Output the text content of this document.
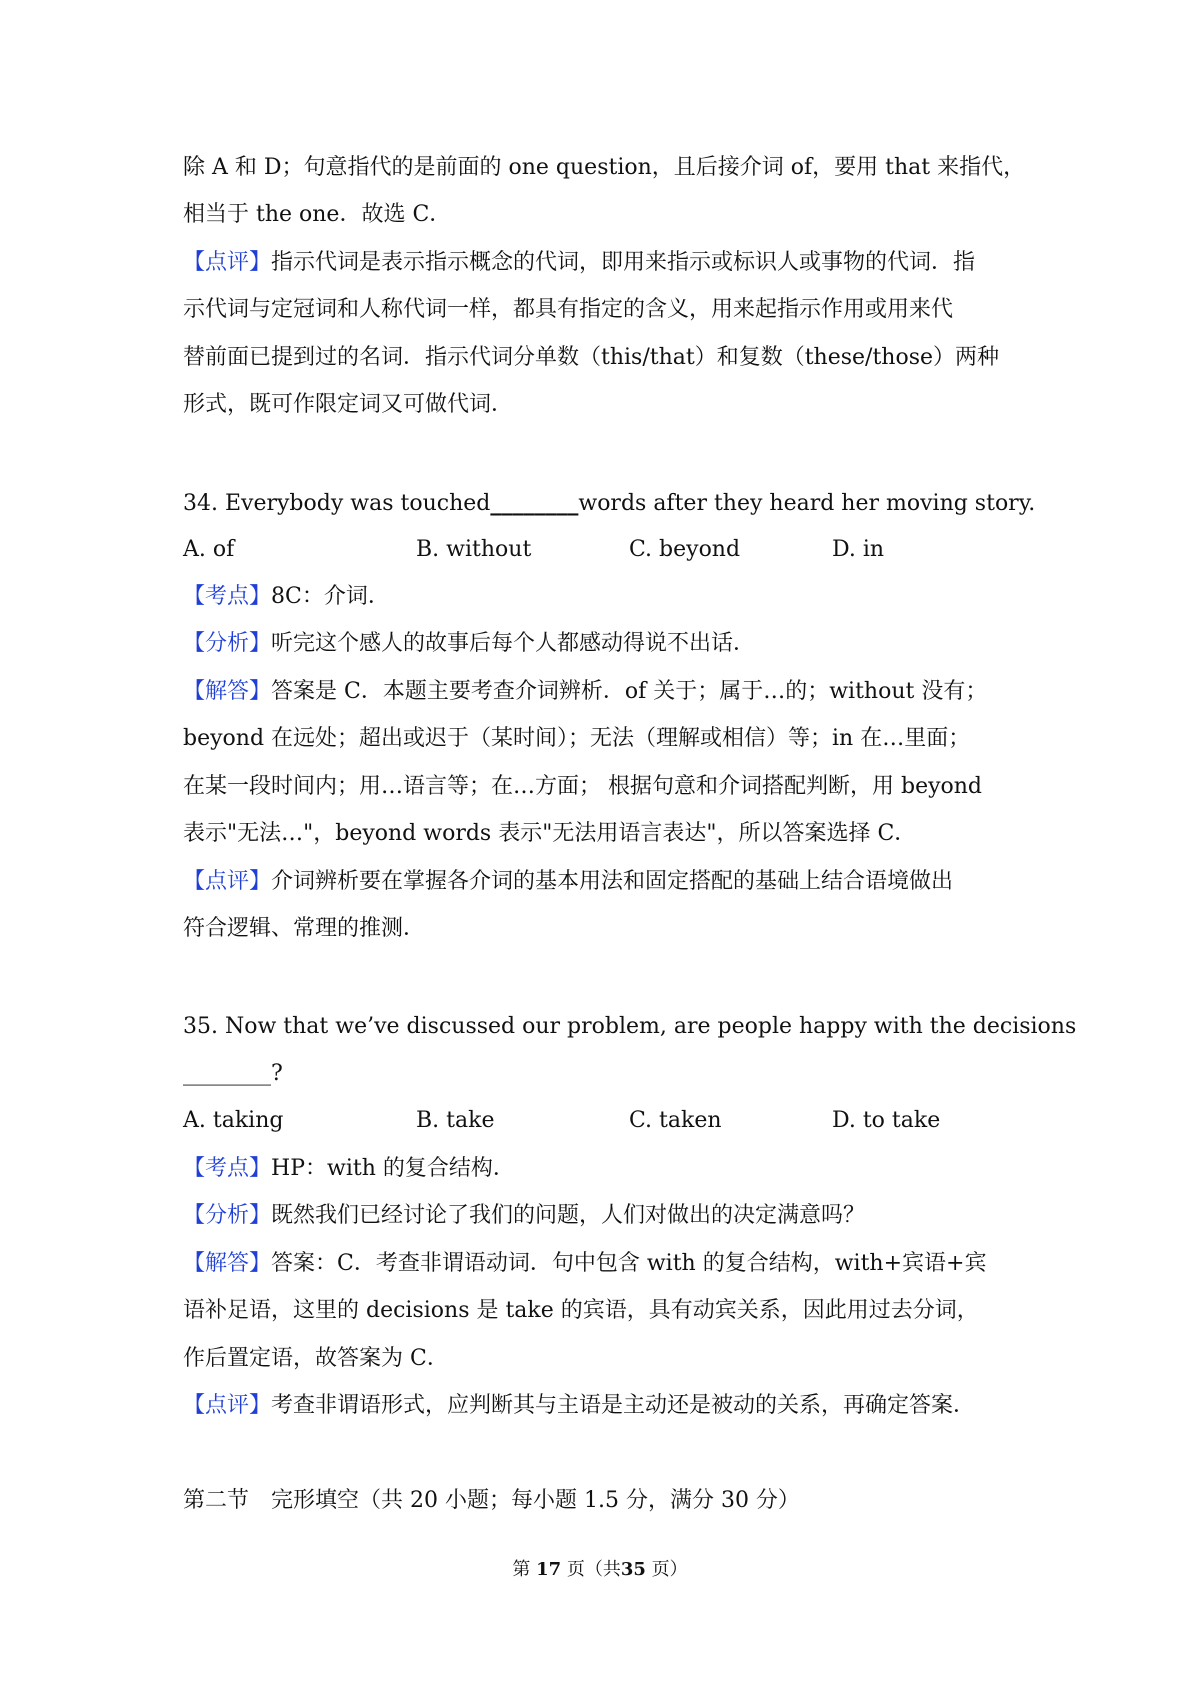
除 A 和 D；句意指代的是前面的 one question，且后接介词 of，要用 that 来指代，
相当于 the one．故选 C．
【点评】指示代词是表示指示概念的代词，即用来指示或标识人或事物的代词．指
示代词与定冠词和人称代词一样，都具有指定的含义，用来起指示作用或用来代
替前面已提到过的名词．指示代词分单数（this/that）和复数（these/those）两种
形式，既可作限定词又可做代词．
34. Everybody was touched________words after they heard her moving story.
A. of	B. without	C. beyond	D. in
【考点】8C：介词．
【分析】听完这个感人的故事后每个人都感动得说不出话．
【解答】答案是 C．本题主要考查介词辨析．of 关于；属于…的；without 没有；
beyond 在远处；超出或迟于（某时间）；无法（理解或相信）等；in 在…里面；
在某一段时间内；用…语言等；在…方面； 根据句意和介词搭配判断，用 beyond
表示"无法…"，beyond words 表示"无法用语言表达"，所以答案选择 C．
【点评】介词辨析要在掌握各介词的基本用法和固定搭配的基础上结合语境做出
符合逻辑、常理的推测．
35. Now that we’ve discussed our problem, are people happy with the decisions
________?
A. taking	B. take	C. taken	D. to take
【考点】HP：with 的复合结构．
【分析】既然我们已经讨论了我们的问题，人们对做出的决定满意吗？
【解答】答案：C．考查非谓语动词．句中包含 with 的复合结构，with+宾语+宾
语补足语，这里的 decisions 是 take 的宾语，具有动宾关系，因此用过去分词，
作后置定语，故答案为 C．
【点评】考查非谓语形式，应判断其与主语是主动还是被动的关系，再确定答案．
第二节　完形填空（共 20 小题；每小题 1.5 分，满分 30 分）
第 17 页（共35 页）
